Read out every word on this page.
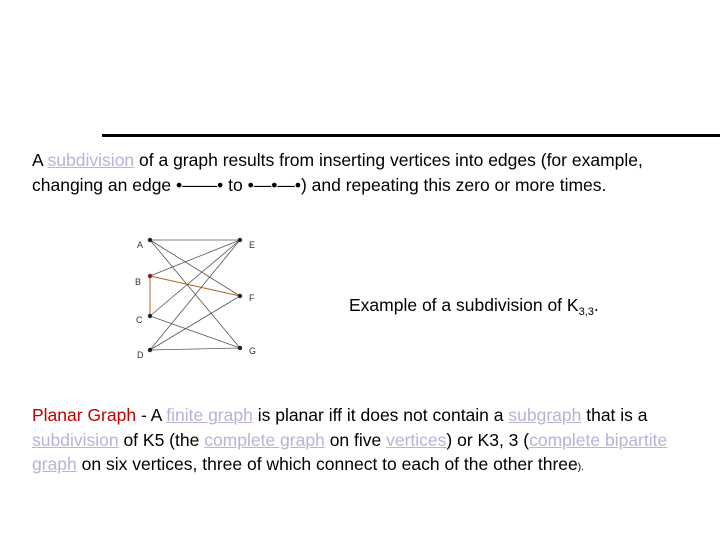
A subdivision of a graph results from inserting vertices into edges (for example, changing an edge •——• to •—•—•) and repeating this zero or more times.

A
B
C
D
E
F
G
Example of a subdivision of $K_{3,3}$.

Planar Graph - A finite graph is planar iff it does not contain a subgraph that is a subdivision of K5 (the complete graph on five vertices) or K3, 3 (complete bipartite graph on six vertices, three of which connect to each of the other three).
